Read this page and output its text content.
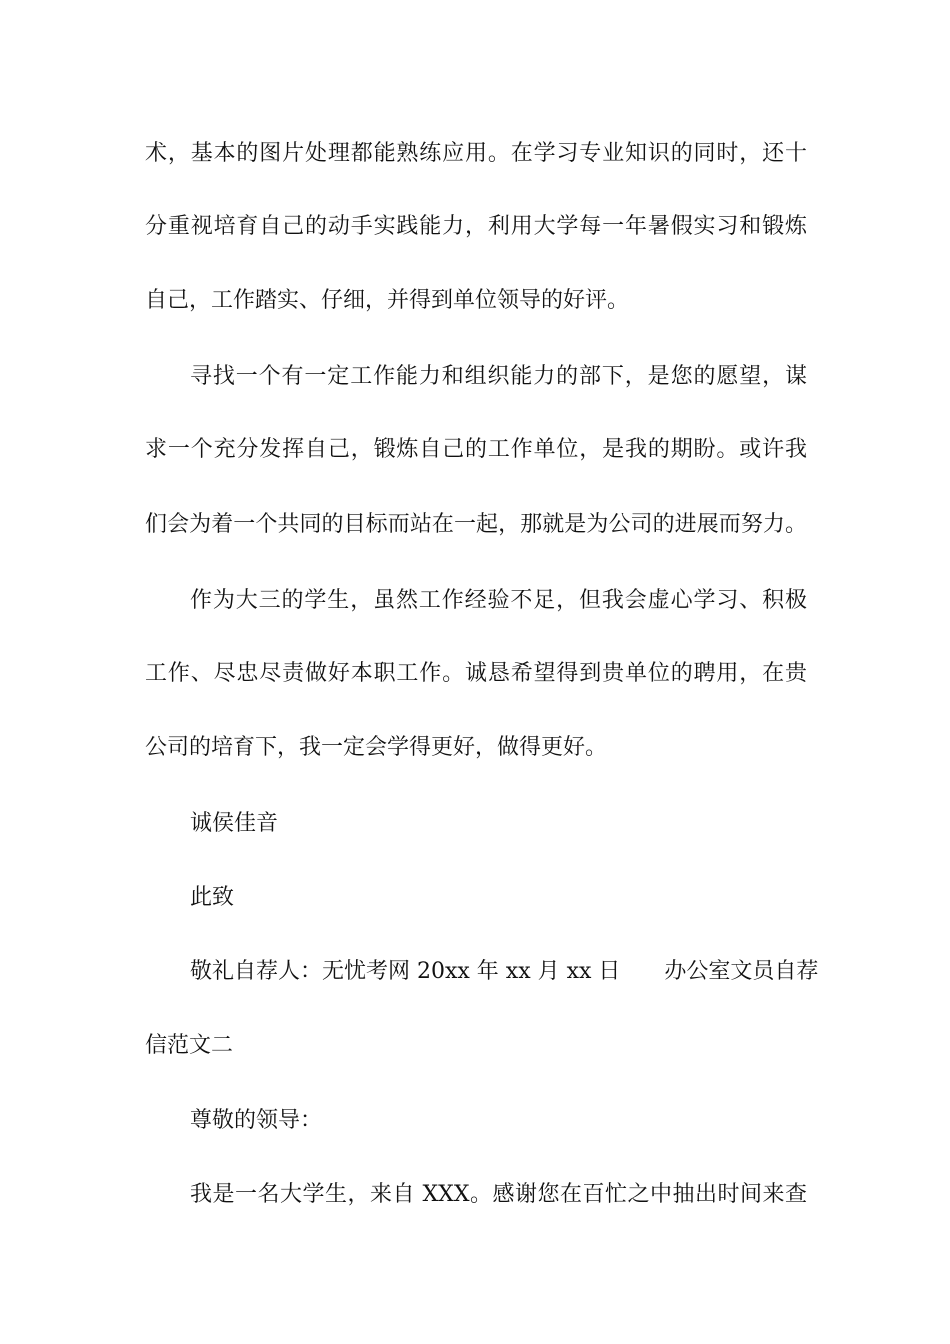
术，基本的图片处理都能熟练应用。在学习专业知识的同时，还十
分重视培育自己的动手实践能力，利用大学每一年暑假实习和锻炼
自己，工作踏实、仔细，并得到单位领导的好评。
寻找一个有一定工作能力和组织能力的部下，是您的愿望，谋
求一个充分发挥自己，锻炼自己的工作单位，是我的期盼。或许我
们会为着一个共同的目标而站在一起，那就是为公司的进展而努力。
作为大三的学生，虽然工作经验不足，但我会虚心学习、积极
工作、尽忠尽责做好本职工作。诚恳希望得到贵单位的聘用，在贵
公司的培育下，我一定会学得更好，做得更好。
诚侯佳音
此致
敬礼自荐人：无忧考网 20xx 年 xx 月 xx 日　　办公室文员自荐
信范文二
尊敬的领导：
我是一名大学生，来自 XXX。感谢您在百忙之中抽出时间来查
